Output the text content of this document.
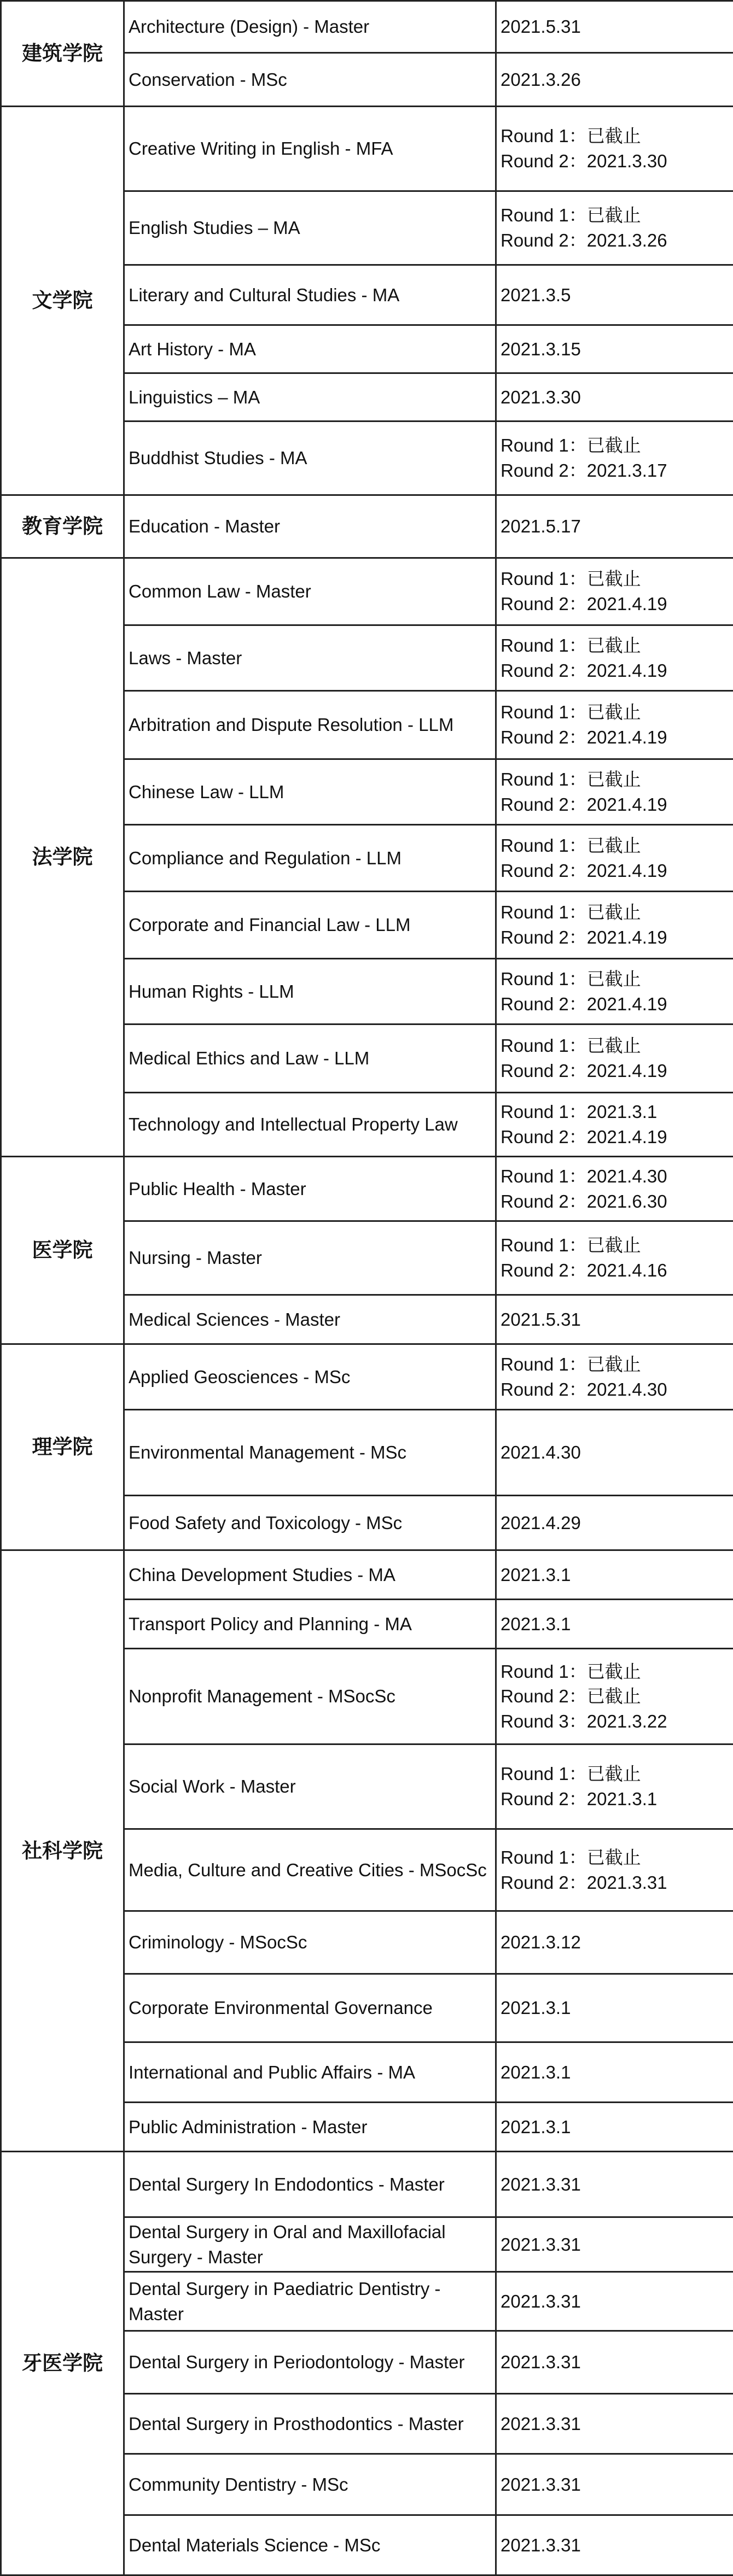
建筑学院	Architecture (Design) - Master	2021.5.31

	Conservation - MSc	2021.3.26

文学院	Creative Writing in English - MFA	Round 1：已截止
Round 2：2021.3.30

	English Studies – MA	Round 1：已截止
Round 2：2021.3.26

	Literary and Cultural Studies - MA	2021.3.5

	Art History - MA	2021.3.15

	Linguistics – MA	2021.3.30

	Buddhist Studies - MA	Round 1：已截止
Round 2：2021.3.17

教育学院	Education - Master	2021.5.17

法学院	Common Law - Master	Round 1：已截止
Round 2：2021.4.19

	Laws - Master	Round 1：已截止
Round 2：2021.4.19

	Arbitration and Dispute Resolution - LLM	Round 1：已截止
Round 2：2021.4.19

	Chinese Law - LLM	Round 1：已截止
Round 2：2021.4.19

	Compliance and Regulation - LLM	Round 1：已截止
Round 2：2021.4.19

	Corporate and Financial Law - LLM	Round 1：已截止
Round 2：2021.4.19

	Human Rights - LLM	Round 1：已截止
Round 2：2021.4.19

	Medical Ethics and Law - LLM	Round 1：已截止
Round 2：2021.4.19

	Technology and Intellectual Property Law	Round 1：2021.3.1
Round 2：2021.4.19

医学院	Public Health - Master	Round 1：2021.4.30
Round 2：2021.6.30

	Nursing - Master	Round 1：已截止
Round 2：2021.4.16

	Medical Sciences - Master	2021.5.31

理学院	Applied Geosciences - MSc	Round 1：已截止
Round 2：2021.4.30

	Environmental Management - MSc	2021.4.30

	Food Safety and Toxicology - MSc	2021.4.29

社科学院	China Development Studies - MA	2021.3.1

	Transport Policy and Planning - MA	2021.3.1

	Nonprofit Management - MSocSc	Round 1：已截止
Round 2：已截止
Round 3：2021.3.22

	Social Work - Master	Round 1：已截止
Round 2：2021.3.1

	Media, Culture and Creative Cities - MSocSc	Round 1：已截止
Round 2：2021.3.31

	Criminology - MSocSc	2021.3.12

	Corporate Environmental Governance	2021.3.1

	International and Public Affairs - MA	2021.3.1

	Public Administration - Master	2021.3.1

牙医学院	Dental Surgery In Endodontics - Master	2021.3.31

	Dental Surgery in Oral and Maxillofacial Surgery - Master	2021.3.31

	Dental Surgery in Paediatric Dentistry -
Master	2021.3.31

	Dental Surgery in Periodontology - Master	2021.3.31

	Dental Surgery in Prosthodontics - Master	2021.3.31

	Community Dentistry - MSc	2021.3.31

	Dental Materials Science - MSc	2021.3.31
